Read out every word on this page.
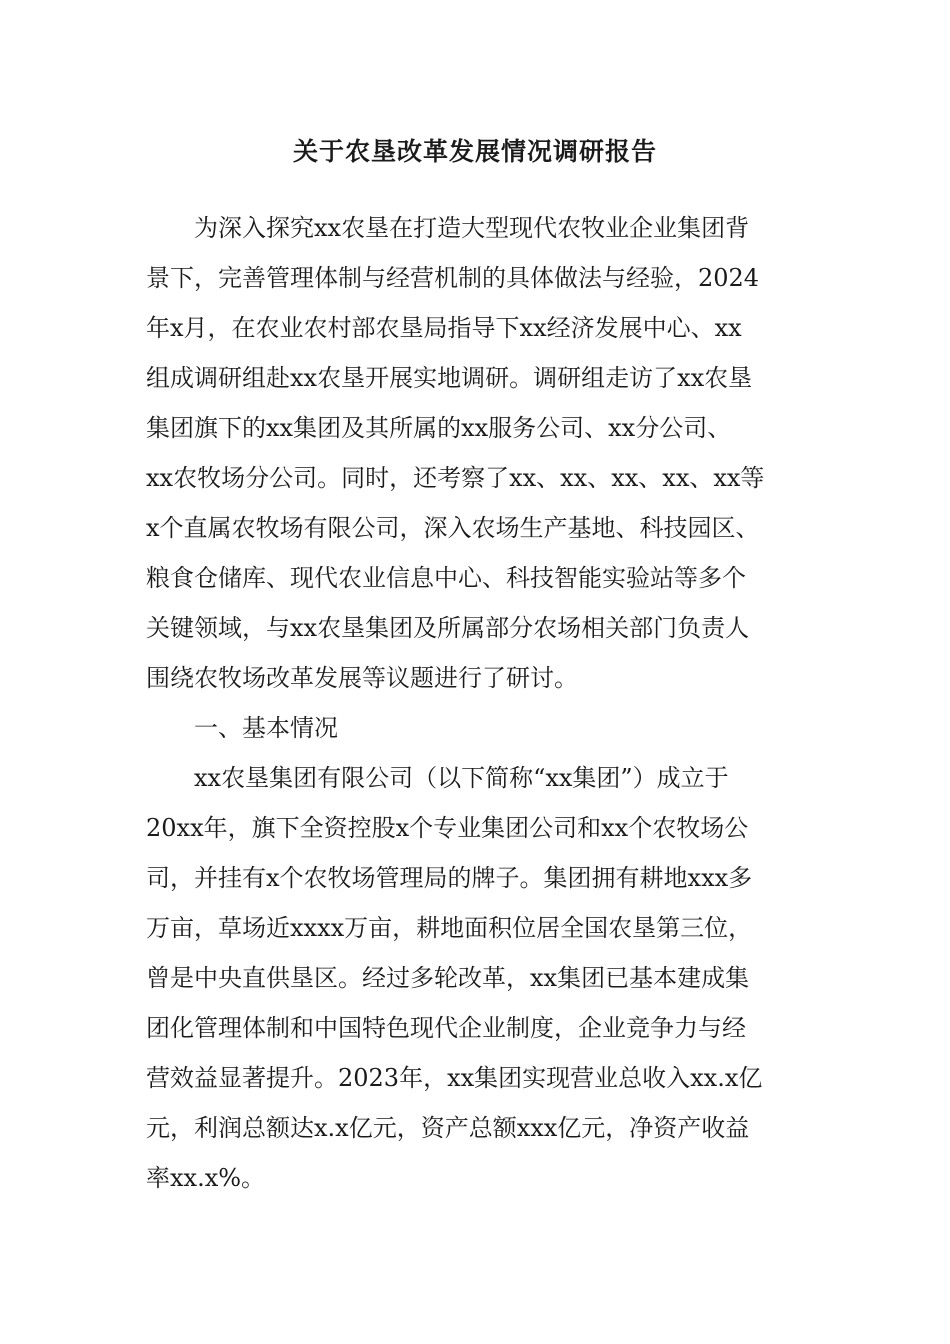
关于农垦改革发展情况调研报告
　　为深入探究xx农垦在打造大型现代农牧业企业集团背
景下，完善管理体制与经营机制的具体做法与经验，2024
年x月，在农业农村部农垦局指导下xx经济发展中心、xx
组成调研组赴xx农垦开展实地调研。调研组走访了xx农垦
集团旗下的xx集团及其所属的xx服务公司、xx分公司、
xx农牧场分公司。同时，还考察了xx、xx、xx、xx、xx等
x个直属农牧场有限公司，深入农场生产基地、科技园区、
粮食仓储库、现代农业信息中心、科技智能实验站等多个
关键领域，与xx农垦集团及所属部分农场相关部门负责人
围绕农牧场改革发展等议题进行了研讨。
　　一、基本情况
　　xx农垦集团有限公司（以下简称“xx集团”）成立于
20xx年，旗下全资控股x个专业集团公司和xx个农牧场公
司，并挂有x个农牧场管理局的牌子。集团拥有耕地xxx多
万亩，草场近xxxx万亩，耕地面积位居全国农垦第三位，
曾是中央直供垦区。经过多轮改革，xx集团已基本建成集
团化管理体制和中国特色现代企业制度，企业竞争力与经
营效益显著提升。2023年，xx集团实现营业总收入xx.x亿
元，利润总额达x.x亿元，资产总额xxx亿元，净资产收益
率xx.x%。
